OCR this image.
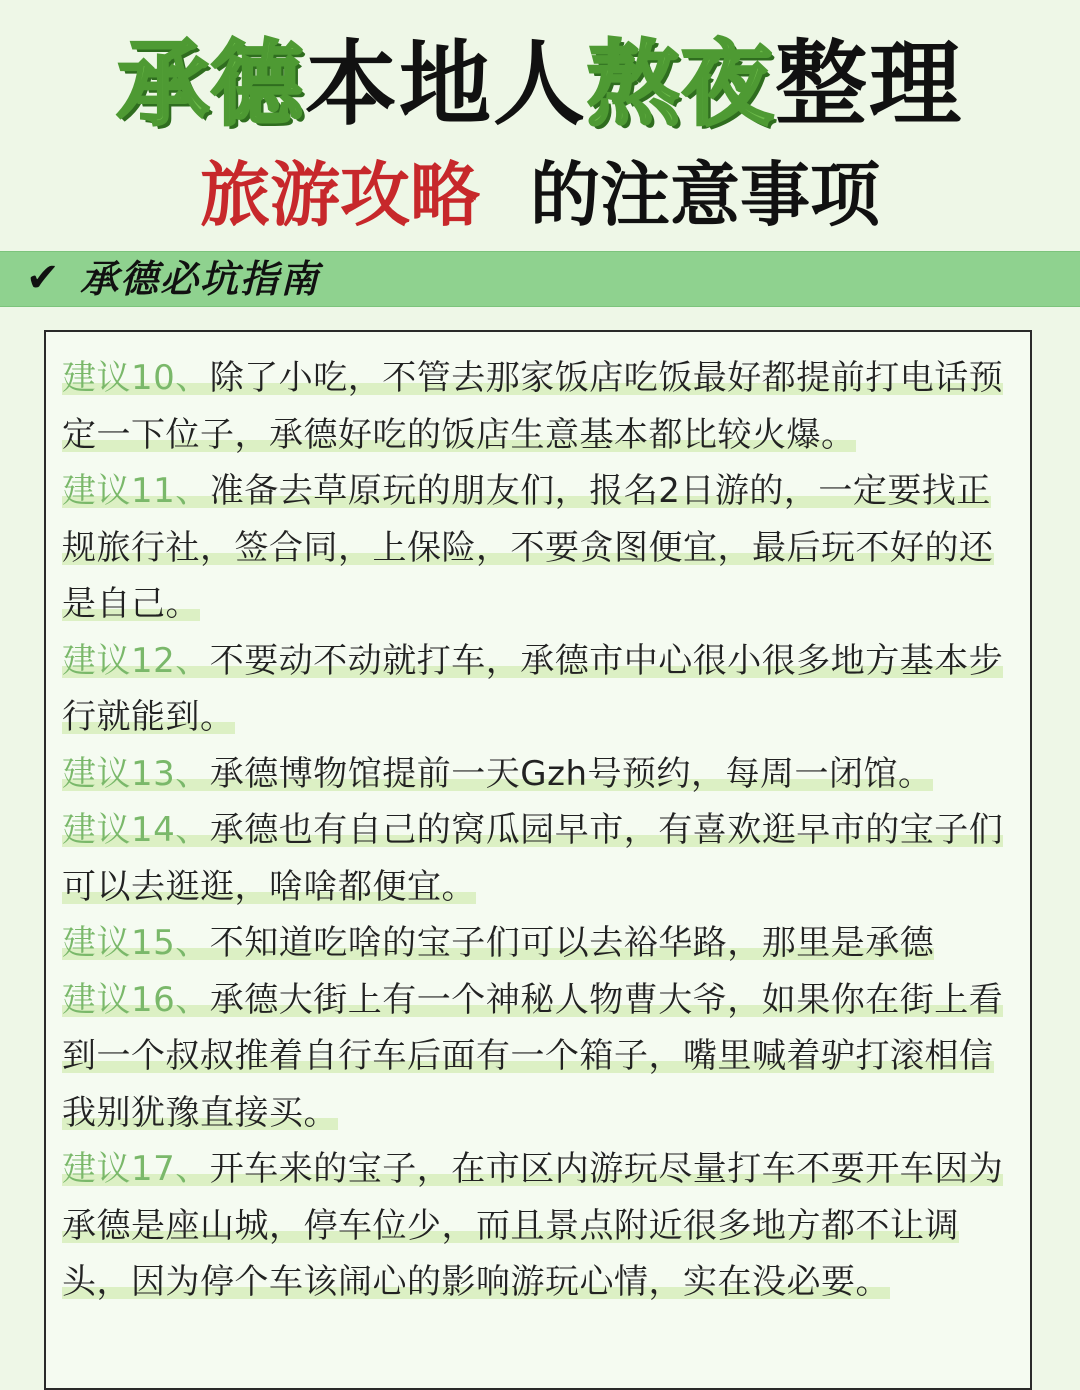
承德本地人熬夜整理
旅游攻略 的注意事项
✔ 承德必坑指南
建议10、除了小吃，不管去那家饭店吃饭最好都提前打电话预定一下位子，承德好吃的饭店生意基本都比较火爆。
建议11、准备去草原玩的朋友们，报名2日游的，一定要找正规旅行社，签合同，上保险，不要贪图便宜，最后玩不好的还是自己。
建议12、不要动不动就打车，承德市中心很小很多地方基本步行就能到。
建议13、承德博物馆提前一天Gzh号预约，每周一闭馆。
建议14、承德也有自己的窝瓜园早市，有喜欢逛早市的宝子们可以去逛逛，啥啥都便宜。
建议15、不知道吃啥的宝子们可以去裕华路，那里是承德
建议16、承德大街上有一个神秘人物曹大爷，如果你在街上看到一个叔叔推着自行车后面有一个箱子，嘴里喊着驴打滚相信我别犹豫直接买。
建议17、开车来的宝子，在市区内游玩尽量打车不要开车因为 承德是座山城，停车位少，而且景点附近很多地方都不让调头，因为停个车该闹心的影响游玩心情，实在没必要。
